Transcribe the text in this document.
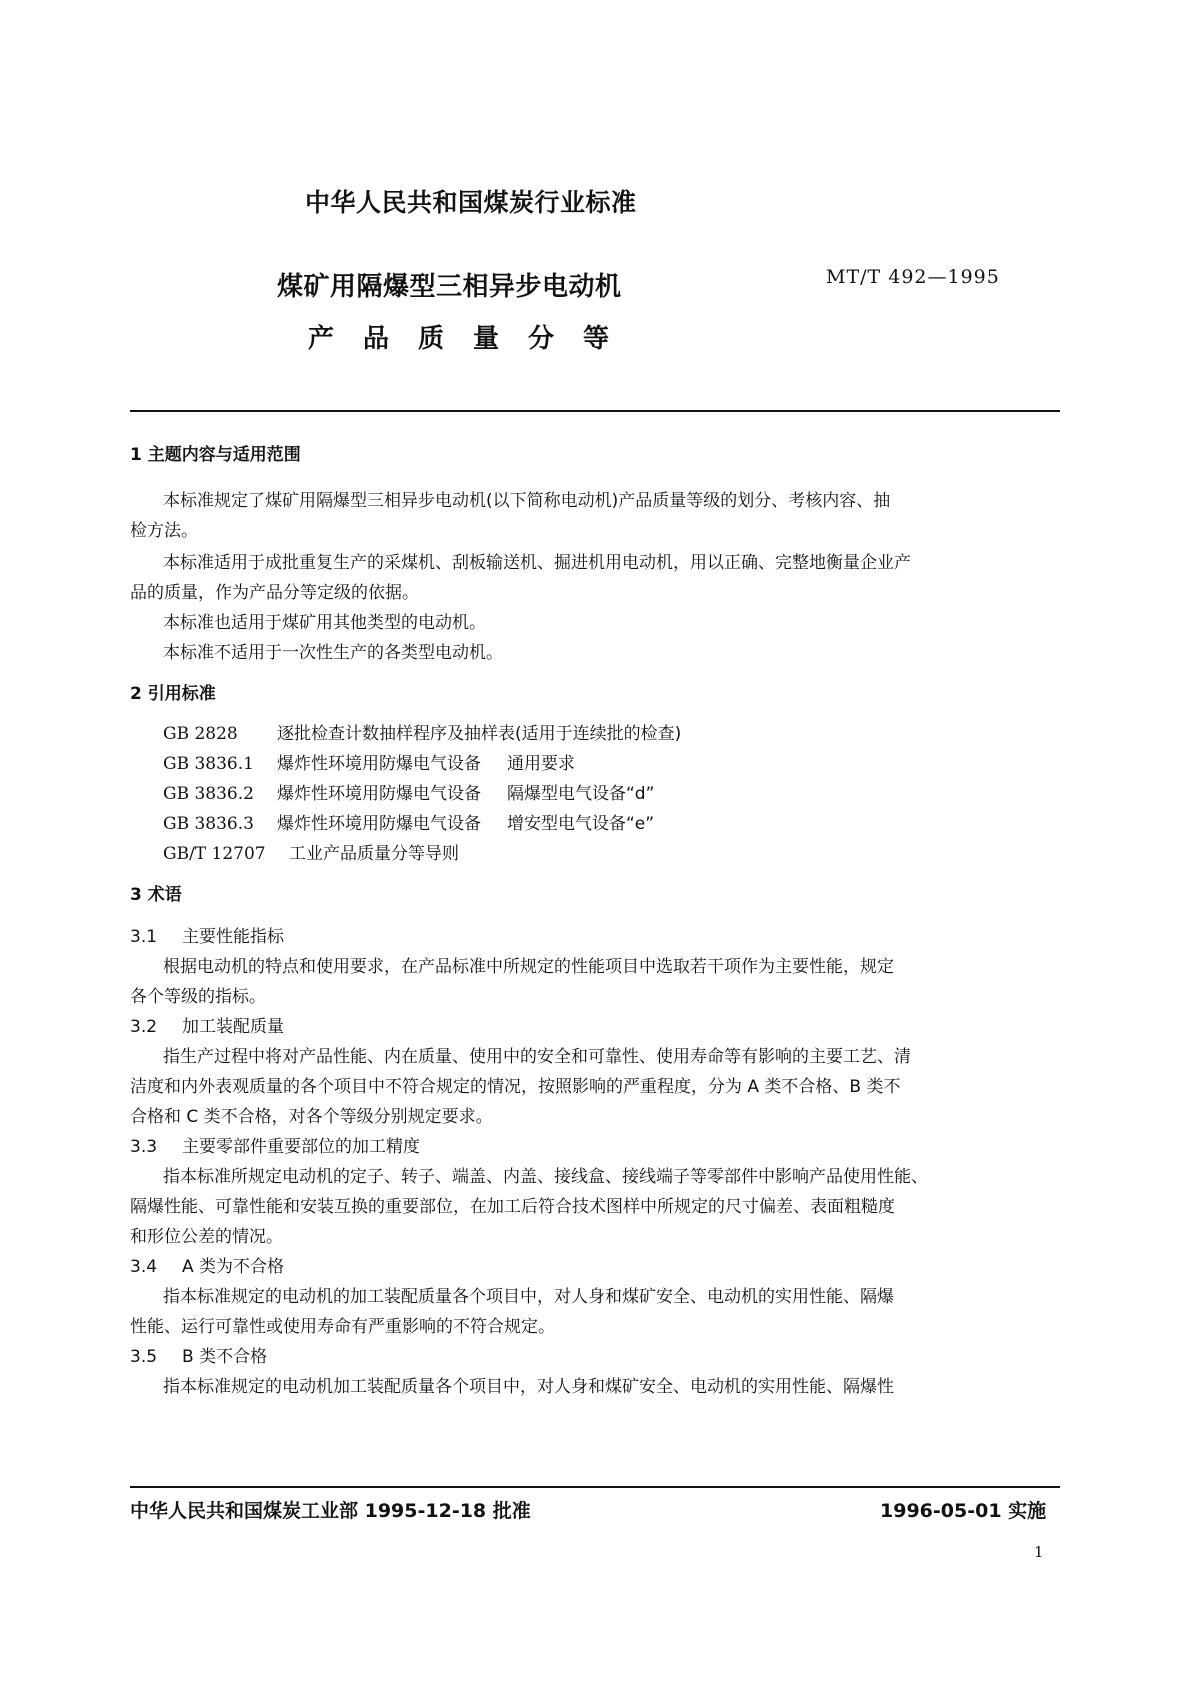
中华人民共和国煤炭行业标准
煤矿用隔爆型三相异步电动机
产品质量分等
MT/T 492—1995
1 主题内容与适用范围
本标准规定了煤矿用隔爆型三相异步电动机(以下简称电动机)产品质量等级的划分、考核内容、抽
检方法。
本标准适用于成批重复生产的采煤机、刮板输送机、掘进机用电动机，用以正确、完整地衡量企业产
品的质量，作为产品分等定级的依据。
本标准也适用于煤矿用其他类型的电动机。
本标准不适用于一次性生产的各类型电动机。
2 引用标准
GB 2828 逐批检查计数抽样程序及抽样表(适用于连续批的检查)
GB 3836.1 爆炸性环境用防爆电气设备 通用要求
GB 3836.2 爆炸性环境用防爆电气设备 隔爆型电气设备“d”
GB 3836.3 爆炸性环境用防爆电气设备 增安型电气设备“e”
GB/T 12707 工业产品质量分等导则
3 术语
3.1 主要性能指标
根据电动机的特点和使用要求，在产品标准中所规定的性能项目中选取若干项作为主要性能，规定
各个等级的指标。
3.2 加工装配质量
指生产过程中将对产品性能、内在质量、使用中的安全和可靠性、使用寿命等有影响的主要工艺、清
洁度和内外表观质量的各个项目中不符合规定的情况，按照影响的严重程度，分为 A 类不合格、B 类不
合格和 C 类不合格，对各个等级分别规定要求。
3.3 主要零部件重要部位的加工精度
指本标准所规定电动机的定子、转子、端盖、内盖、接线盒、接线端子等零部件中影响产品使用性能、
隔爆性能、可靠性能和安装互换的重要部位，在加工后符合技术图样中所规定的尺寸偏差、表面粗糙度
和形位公差的情况。
3.4 A 类为不合格
指本标准规定的电动机的加工装配质量各个项目中，对人身和煤矿安全、电动机的实用性能、隔爆
性能、运行可靠性或使用寿命有严重影响的不符合规定。
3.5 B 类不合格
指本标准规定的电动机加工装配质量各个项目中，对人身和煤矿安全、电动机的实用性能、隔爆性
中华人民共和国煤炭工业部 1995-12-18 批准	1996-05-01 实施
1
